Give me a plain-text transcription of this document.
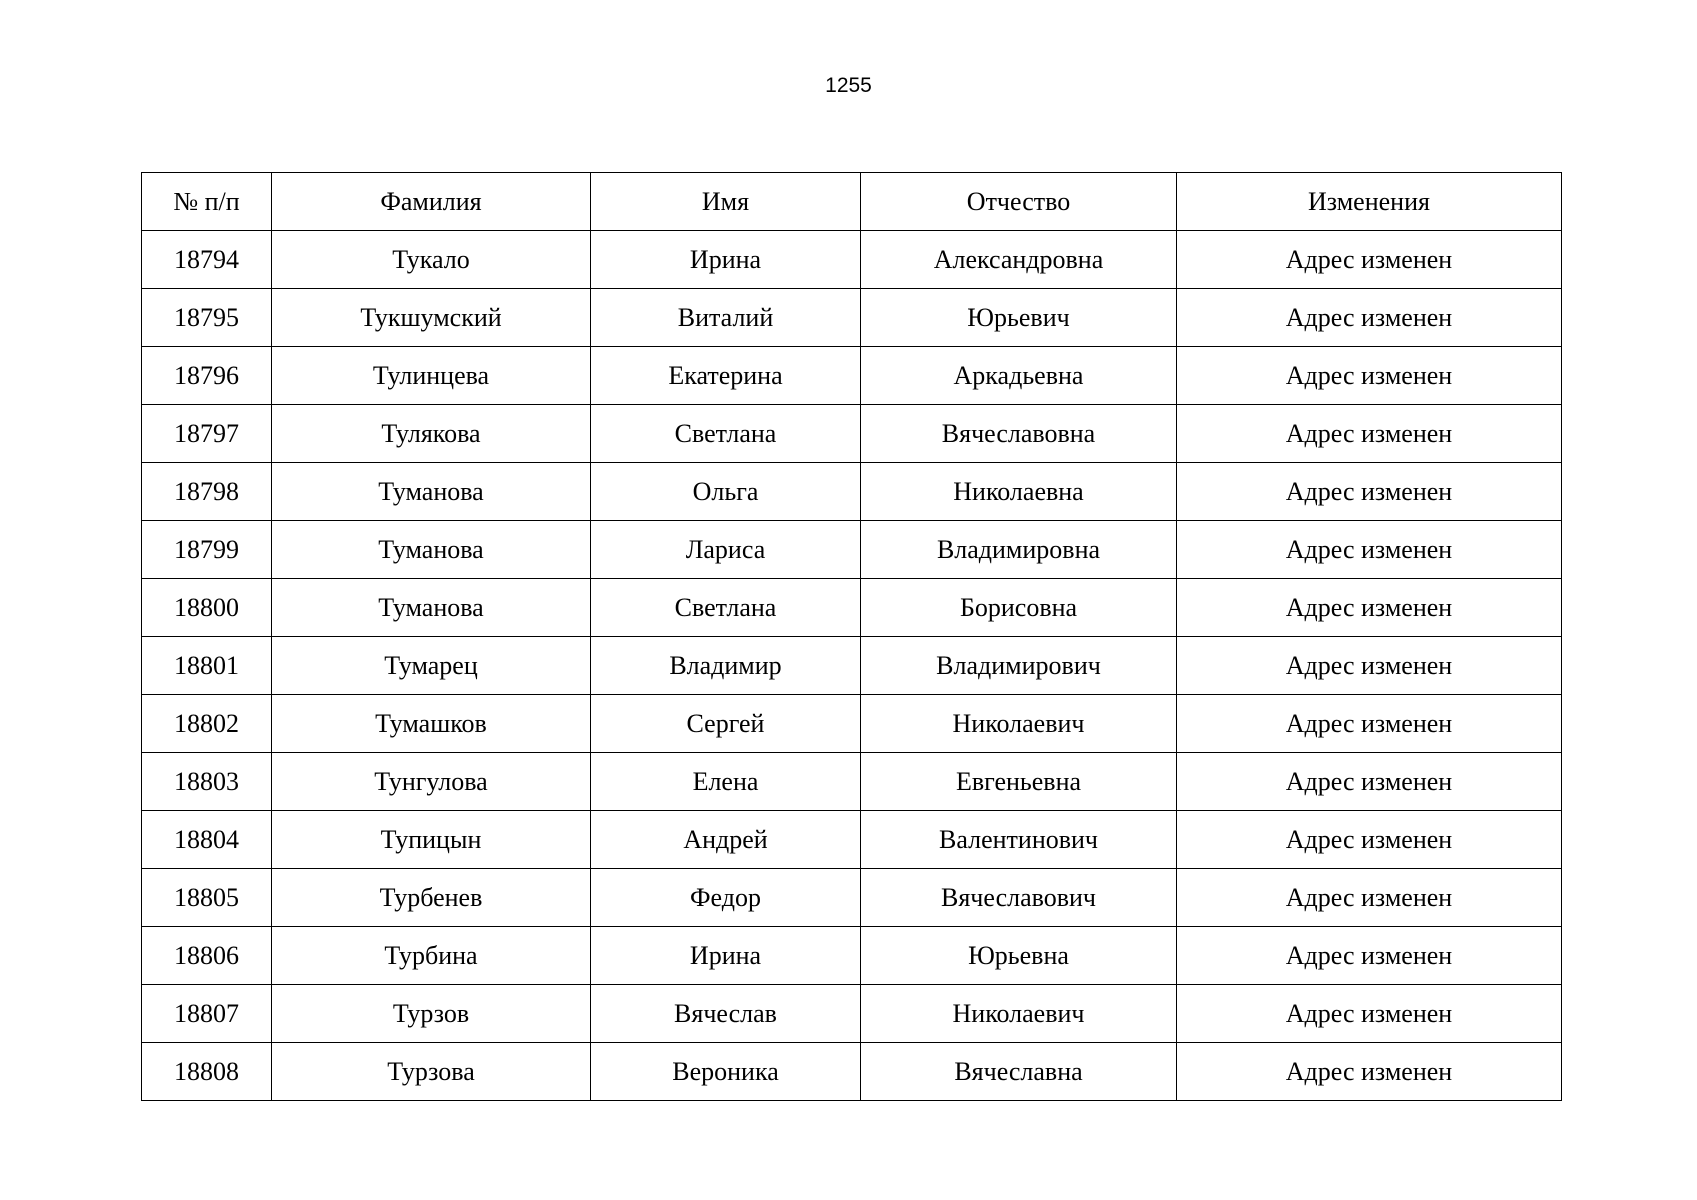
1255
№ п/п	Фамилия	Имя	Отчество	Изменения
18794	Тукало	Ирина	Александровна	Адрес изменен
18795	Тукшумский	Виталий	Юрьевич	Адрес изменен
18796	Тулинцева	Екатерина	Аркадьевна	Адрес изменен
18797	Тулякова	Светлана	Вячеславовна	Адрес изменен
18798	Туманова	Ольга	Николаевна	Адрес изменен
18799	Туманова	Лариса	Владимировна	Адрес изменен
18800	Туманова	Светлана	Борисовна	Адрес изменен
18801	Тумарец	Владимир	Владимирович	Адрес изменен
18802	Тумашков	Сергей	Николаевич	Адрес изменен
18803	Тунгулова	Елена	Евгеньевна	Адрес изменен
18804	Тупицын	Андрей	Валентинович	Адрес изменен
18805	Турбенев	Федор	Вячеславович	Адрес изменен
18806	Турбина	Ирина	Юрьевна	Адрес изменен
18807	Турзов	Вячеслав	Николаевич	Адрес изменен
18808	Турзова	Вероника	Вячеславна	Адрес изменен
